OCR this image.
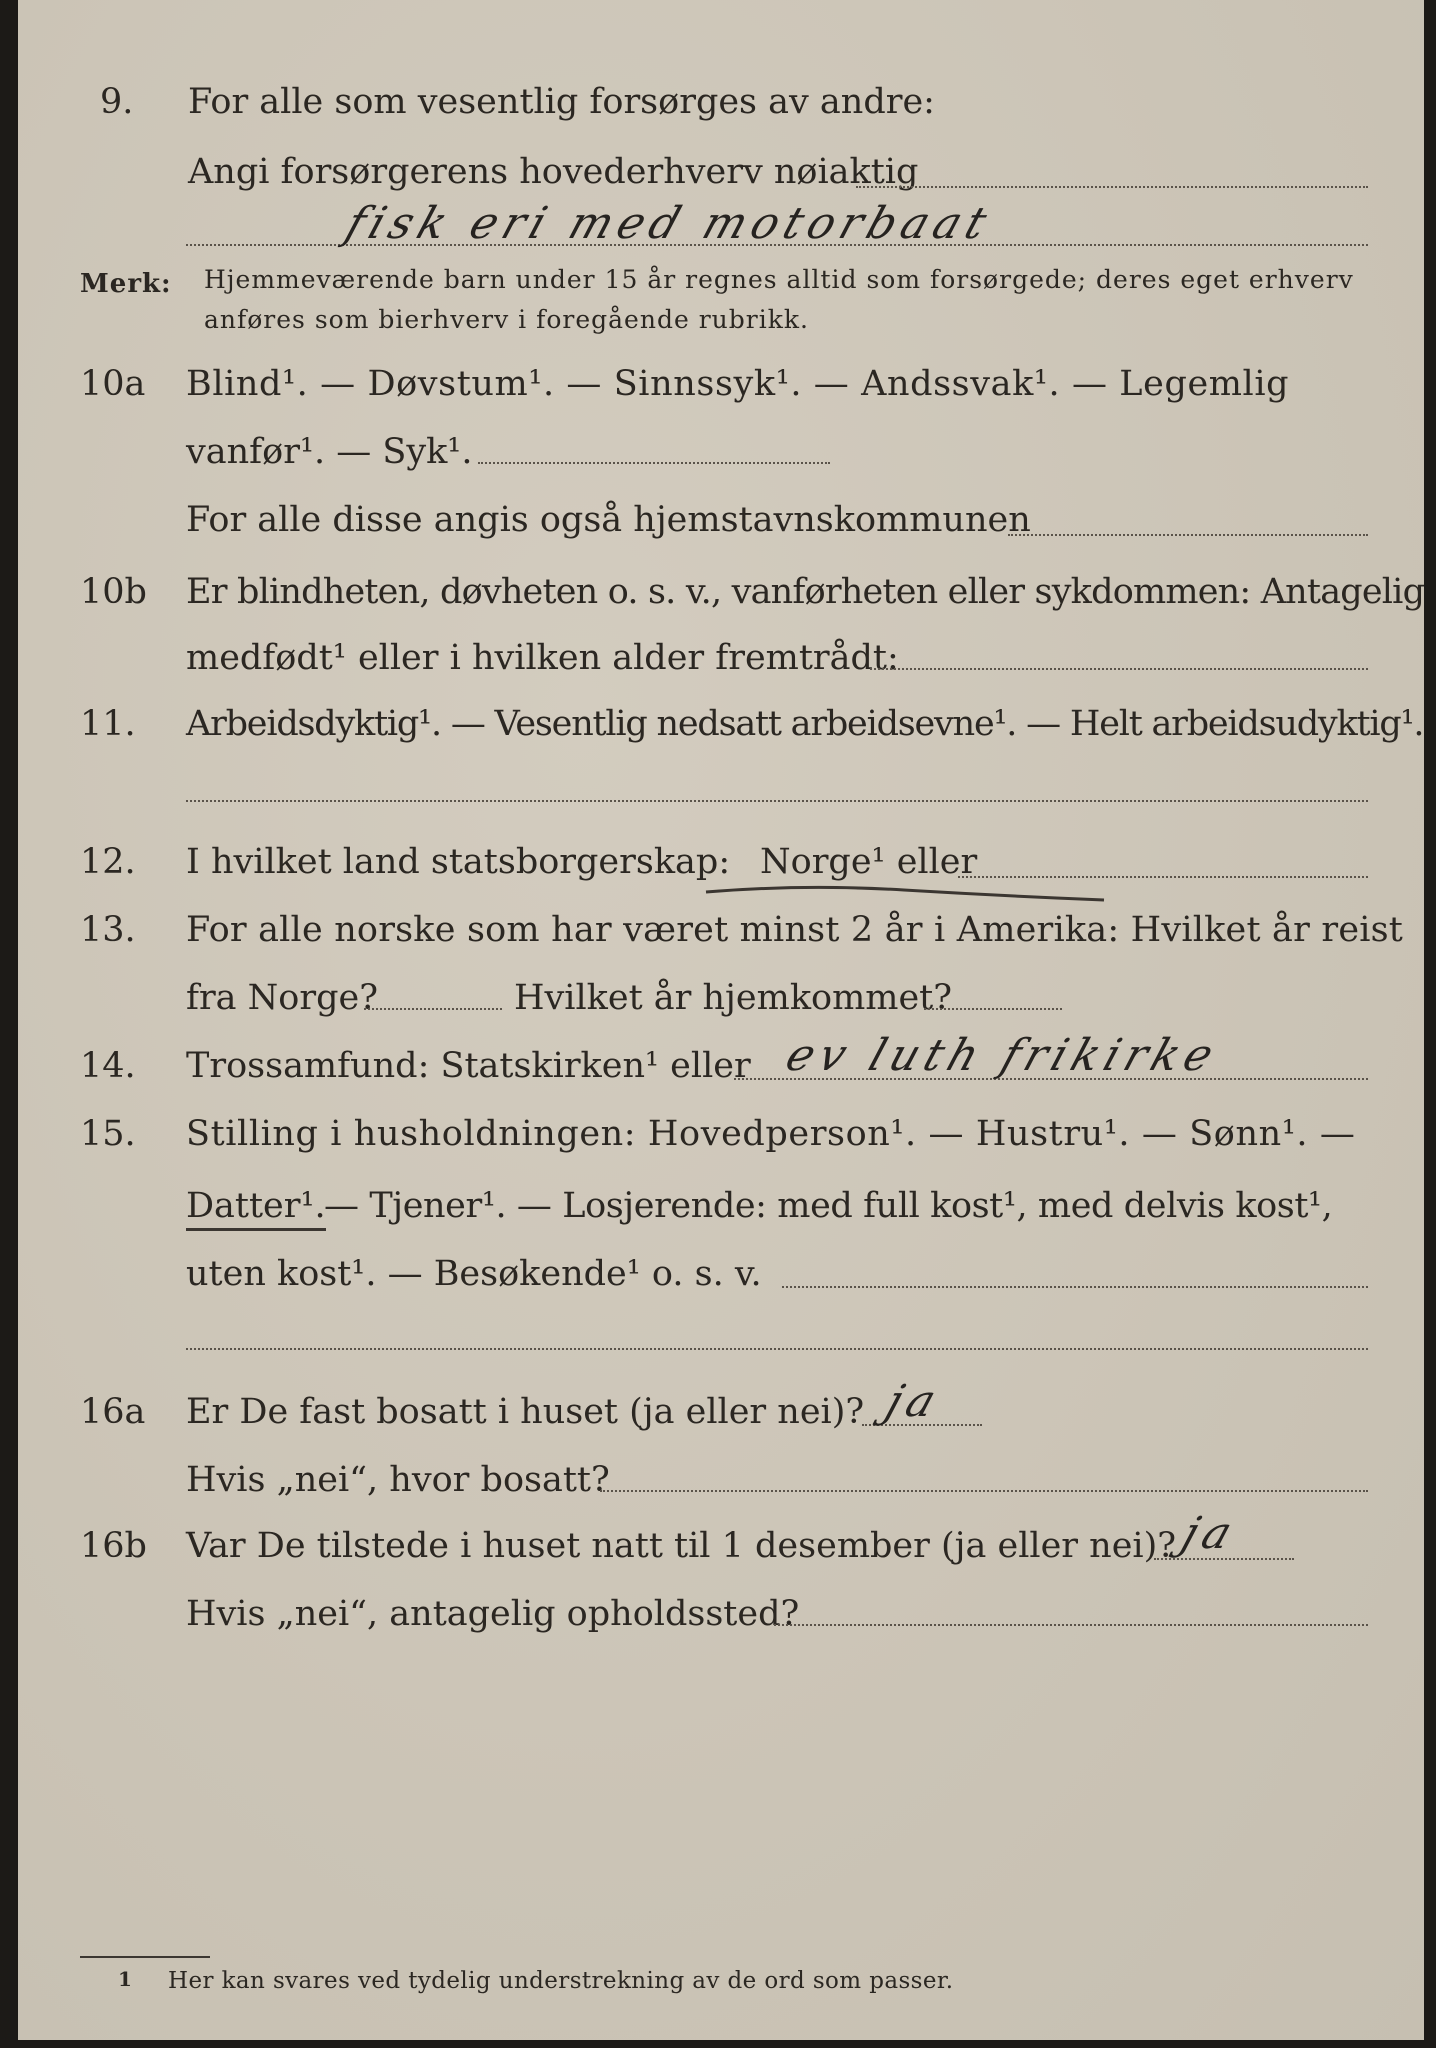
9. For alle som vesentlig forsørges av andre:
Angi forsørgerens hovederhverv nøiaktig
fisk eri med motorbaat
Merk: Hjemmeværende barn under 15 år regnes alltid som forsørgede; deres eget erhverv
anføres som bierhverv i foregående rubrikk.
10a Blind¹. — Døvstum¹. — Sinnssyk¹. — Andssvak¹. — Legemlig
vanfør¹. — Syk¹.
For alle disse angis også hjemstavnskommunen
10b Er blindheten, døvheten o. s. v., vanførheten eller sykdommen: Antagelig
medfødt¹ eller i hvilken alder fremtrådt:
11. Arbeidsdyktig¹. — Vesentlig nedsatt arbeidsevne¹. — Helt arbeidsudyktig¹.
12. I hvilket land statsborgerskap: Norge¹ eller
13. For alle norske som har været minst 2 år i Amerika: Hvilket år reist
fra Norge?	Hvilket år hjemkommet?
14. Trossamfund: Statskirken¹ eller ev luth frikirke
15. Stilling i husholdningen: Hovedperson¹. — Hustru¹. — Sønn¹. —
Datter¹.
— Tjener¹. — Losjerende: med full kost¹, med delvis kost¹,
uten kost¹. — Besøkende¹ o. s. v.
16a Er De fast bosatt i huset (ja eller nei)? ja
Hvis „nei“, hvor bosatt?
16b Var De tilstede i huset natt til 1 desember (ja eller nei)? ja
Hvis „nei“, antagelig opholdssted?
1 Her kan svares ved tydelig understrekning av de ord som passer.
